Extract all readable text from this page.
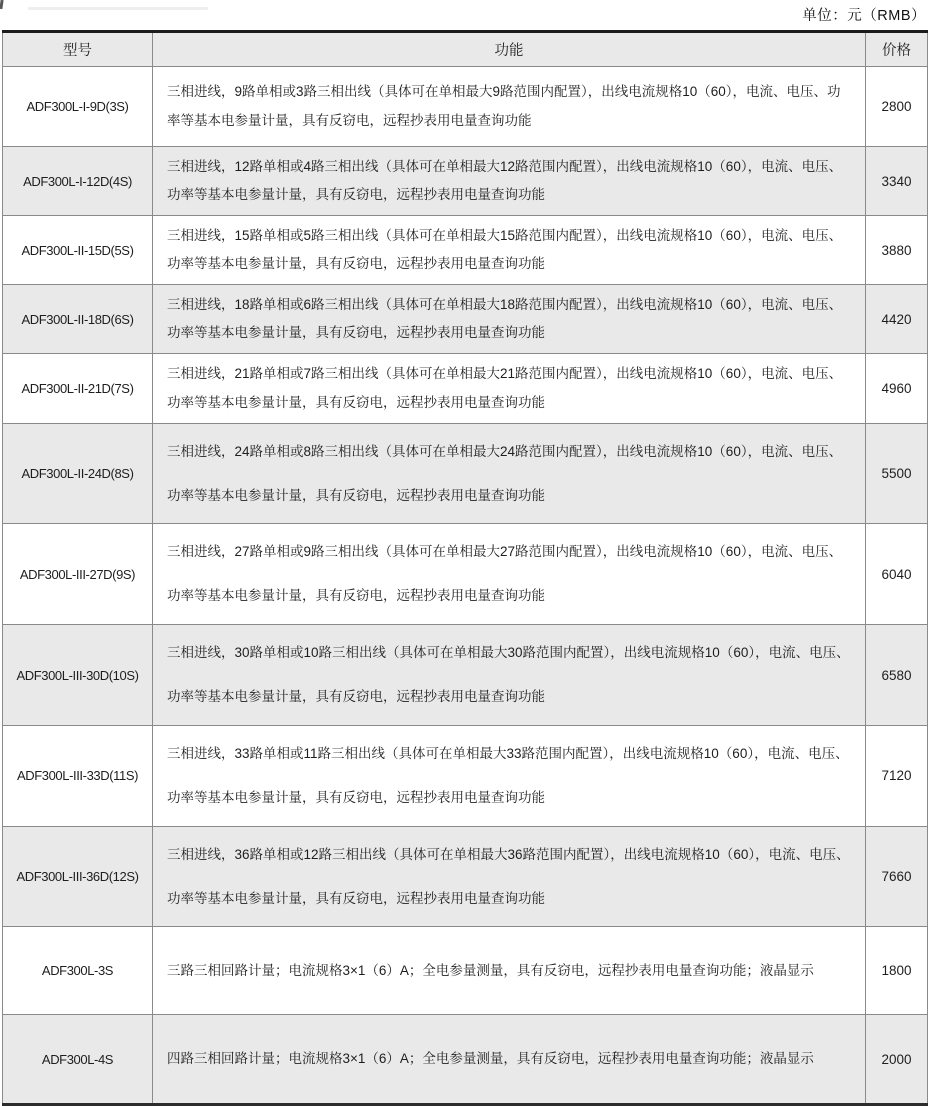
单位：元（RMB）
型号	功能	价格
ADF300L-I-9D(3S)	三相进线，9路单相或3路三相出线（具体可在单相最大9路范围内配置），出线电流规格10（60），电流、电压、功率等基本电参量计量，具有反窃电，远程抄表用电量查询功能	2800
ADF300L-I-12D(4S)	三相进线，12路单相或4路三相出线（具体可在单相最大12路范围内配置），出线电流规格10（60），电流、电压、功率等基本电参量计量，具有反窃电，远程抄表用电量查询功能	3340
ADF300L-II-15D(5S)	三相进线，15路单相或5路三相出线（具体可在单相最大15路范围内配置），出线电流规格10（60），电流、电压、功率等基本电参量计量，具有反窃电，远程抄表用电量查询功能	3880
ADF300L-II-18D(6S)	三相进线，18路单相或6路三相出线（具体可在单相最大18路范围内配置），出线电流规格10（60），电流、电压、功率等基本电参量计量，具有反窃电，远程抄表用电量查询功能	4420
ADF300L-II-21D(7S)	三相进线，21路单相或7路三相出线（具体可在单相最大21路范围内配置），出线电流规格10（60），电流、电压、功率等基本电参量计量，具有反窃电，远程抄表用电量查询功能	4960
ADF300L-II-24D(8S)	三相进线，24路单相或8路三相出线（具体可在单相最大24路范围内配置），出线电流规格10（60），电流、电压、功率等基本电参量计量，具有反窃电，远程抄表用电量查询功能	5500
ADF300L-III-27D(9S)	三相进线，27路单相或9路三相出线（具体可在单相最大27路范围内配置），出线电流规格10（60），电流、电压、功率等基本电参量计量，具有反窃电，远程抄表用电量查询功能	6040
ADF300L-III-30D(10S)	三相进线，30路单相或10路三相出线（具体可在单相最大30路范围内配置），出线电流规格10（60），电流、电压、功率等基本电参量计量，具有反窃电，远程抄表用电量查询功能	6580
ADF300L-III-33D(11S)	三相进线，33路单相或11路三相出线（具体可在单相最大33路范围内配置），出线电流规格10（60），电流、电压、功率等基本电参量计量，具有反窃电，远程抄表用电量查询功能	7120
ADF300L-III-36D(12S)	三相进线，36路单相或12路三相出线（具体可在单相最大36路范围内配置），出线电流规格10（60），电流、电压、功率等基本电参量计量，具有反窃电，远程抄表用电量查询功能	7660
ADF300L-3S	三路三相回路计量；电流规格3×1（6）A；全电参量测量，具有反窃电，远程抄表用电量查询功能；液晶显示	1800
ADF300L-4S	四路三相回路计量；电流规格3×1（6）A；全电参量测量，具有反窃电，远程抄表用电量查询功能；液晶显示	2000
